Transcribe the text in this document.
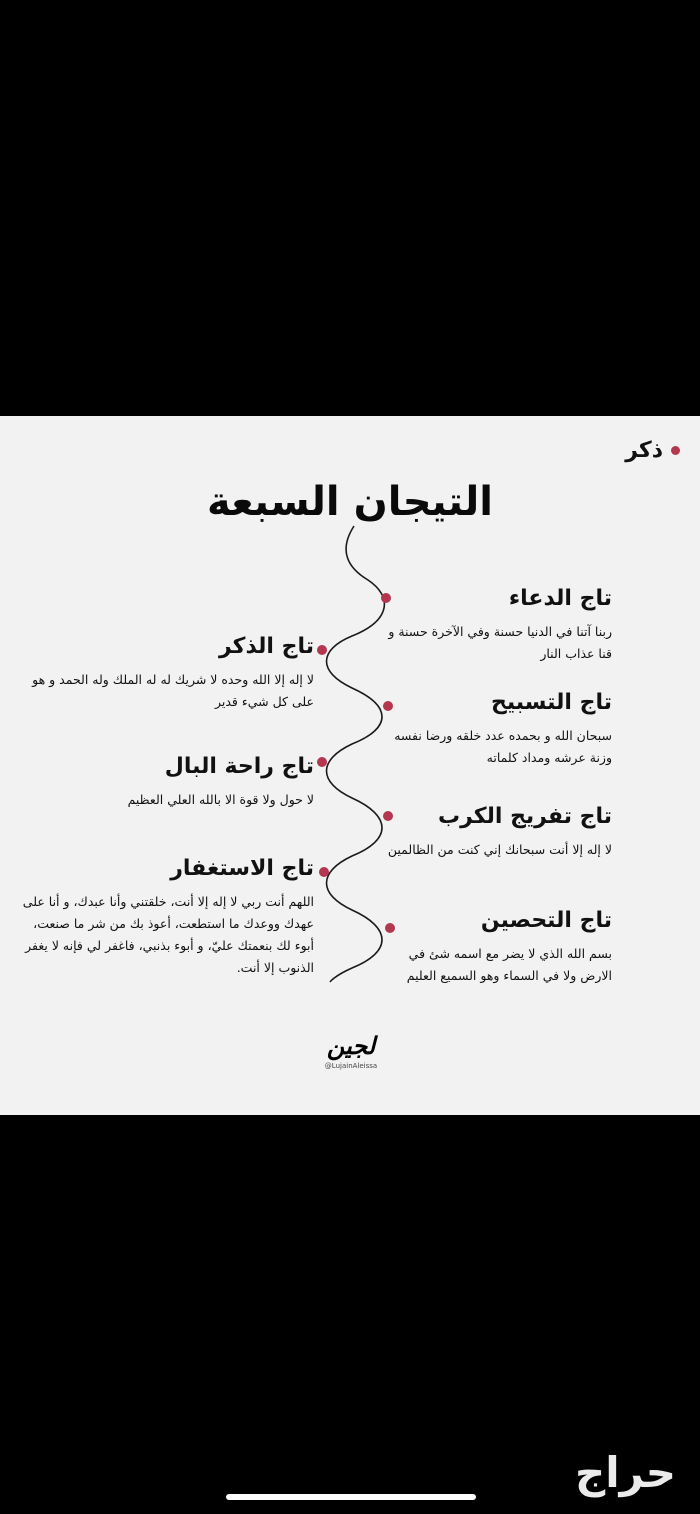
ذكر
التيجان السبعة
تاج الدعاء

ربنا آتنا في الدنيا حسنة وفي الآخرة حسنة و قنا عذاب النار

تاج الذكر

لا إله إلا الله وحده لا شريك له له الملك وله الحمد و هو على كل شيء قدير	تاج التسبيح

سبحان الله و بحمده عدد خلقه ورضا نفسه وزنة عرشه ومداد كلماته

تاج راحة البال

لا حول ولا قوة الا بالله العلي العظيم

تاج تفريج الكرب

لا إله إلا أنت سبحانك إني كنت من الظالمين

تاج الاستغفار

اللهم أنت ربي لا إله إلا أنت، خلقتني وأنا عبدك، و أنا على عهدك ووعدك ما استطعت، أعوذ بك من شر ما صنعت، أبوء لك بنعمتك عليّ، و أبوء بذنبي، فاغفر لي فإنه لا يغفر الذنوب إلا أنت.

تاج التحصين

بسم الله الذي لا يضر مع اسمه شئ في الارض ولا في السماء وهو السميع العليم

لجين
@LujainAleissa
حراج
